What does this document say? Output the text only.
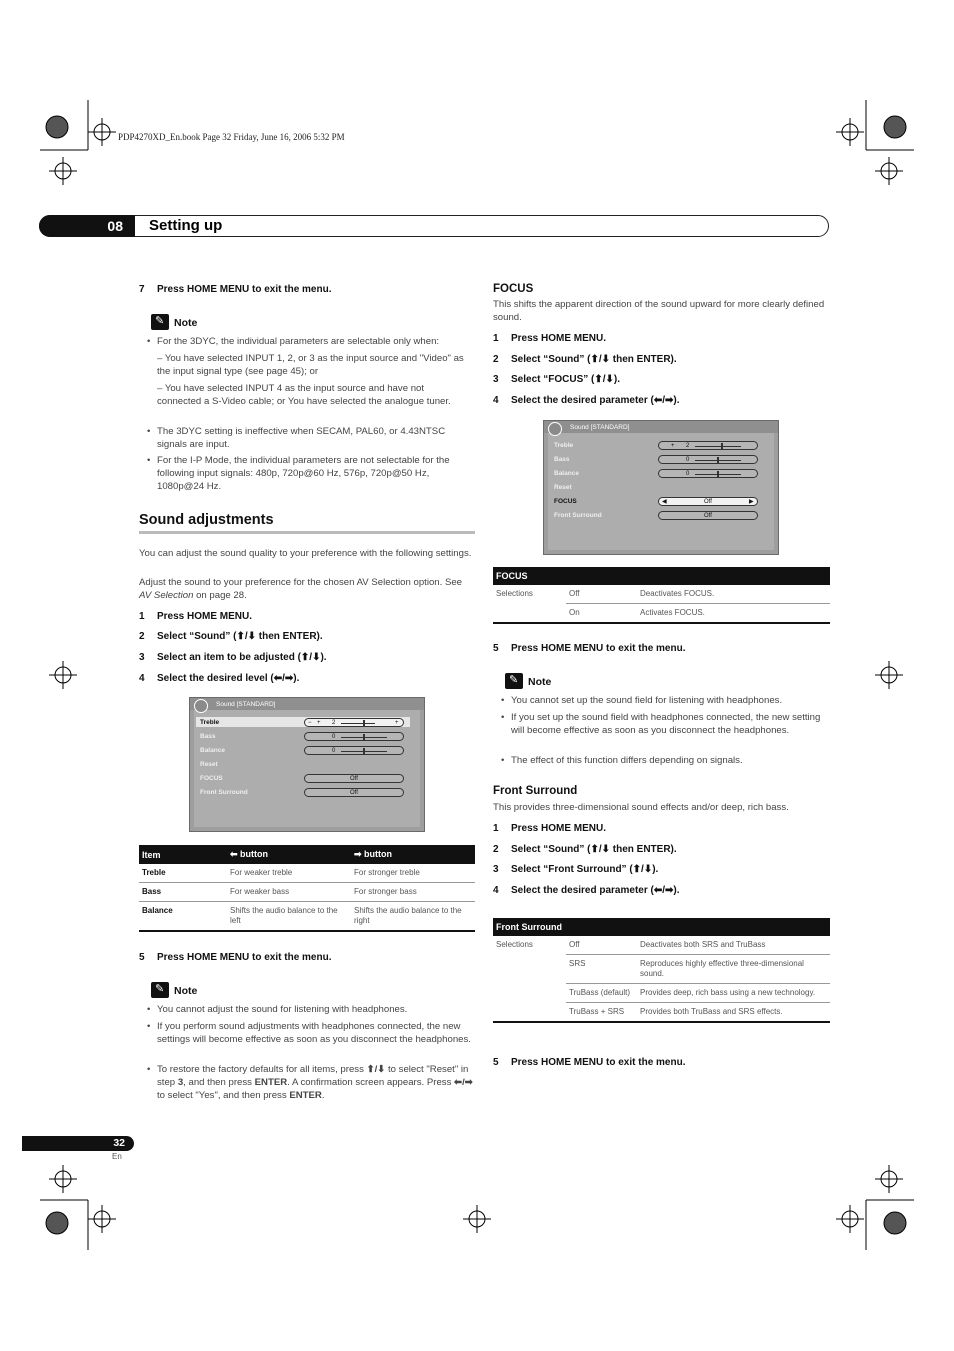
PDP4270XD_En.book Page 32 Friday, June 16, 2006 5:32 PM
08	Setting up
7 Press HOME MENU to exit the menu.
✎
Note
• For the 3DYC, the individual parameters are selectable only when:
– You have selected INPUT 1, 2, or 3 as the input source and "Video" as the input signal type (see page 45); or
– You have selected INPUT 4 as the input source and have not connected a S-Video cable; or You have selected the analogue tuner.
• The 3DYC setting is ineffective when SECAM, PAL60, or 4.43NTSC signals are input.
• For the I-P Mode, the individual parameters are not selectable for the following input signals: 480p, 720p@60 Hz, 576p, 720p@50 Hz, 1080p@24 Hz.
Sound adjustments
You can adjust the sound quality to your preference with the following settings.
Adjust the sound to your preference for the chosen AV Selection option. See AV Selection on page 28.
1 Press HOME MENU.
2 Select “Sound” (⬆/⬇ then ENTER).
3 Select an item to be adjusted (⬆/⬇).
4 Select the desired level (⬅/➡).
Sound [STANDARD]
Treble
Bass
Balance
Reset
FOCUS
Front Surround
− + 2	+
0
0
Off
Off
Item	⬅ button	➡ button
Treble	For weaker treble	For stronger treble
Bass	For weaker bass	For stronger bass
Balance	Shifts the audio balance to the left	Shifts the audio balance to the right
5 Press HOME MENU to exit the menu.
✎
Note
• You cannot adjust the sound for listening with headphones.
• If you perform sound adjustments with headphones connected, the new settings will become effective as soon as you disconnect the headphones.
• To restore the factory defaults for all items, press ⬆/⬇ to select "Reset" in step 3, and then press ENTER. A confirmation screen appears. Press ⬅/➡ to select "Yes", and then press ENTER.
FOCUS
This shifts the apparent direction of the sound upward for more clearly defined sound.
1 Press HOME MENU.
2 Select “Sound” (⬆/⬇ then ENTER).
3 Select “FOCUS” (⬆/⬇).
4 Select the desired parameter (⬅/➡).
Sound [STANDARD]
Treble
Bass
Balance
Reset
FOCUS
Front Surround
+ 2
0
0
◀	Off	▶
Off
FOCUS		
Selections	Off	Deactivates FOCUS.
	On	Activates FOCUS.
5 Press HOME MENU to exit the menu.
✎
Note
• You cannot set up the sound field for listening with headphones.
• If you set up the sound field with headphones connected, the new setting will become effective as soon as you disconnect the headphones.
• The effect of this function differs depending on signals.
Front Surround
This provides three-dimensional sound effects and/or deep, rich bass.
1 Press HOME MENU.
2 Select “Sound” (⬆/⬇ then ENTER).
3 Select “Front Surround” (⬆/⬇).
4 Select the desired parameter (⬅/➡).
Front Surround		
Selections	Off	Deactivates both SRS and TruBass
	SRS	Reproduces highly effective three-dimensional sound.
	TruBass (default)	Provides deep, rich bass using a new technology.
	TruBass + SRS	Provides both TruBass and SRS effects.
5 Press HOME MENU to exit the menu.
32
En
